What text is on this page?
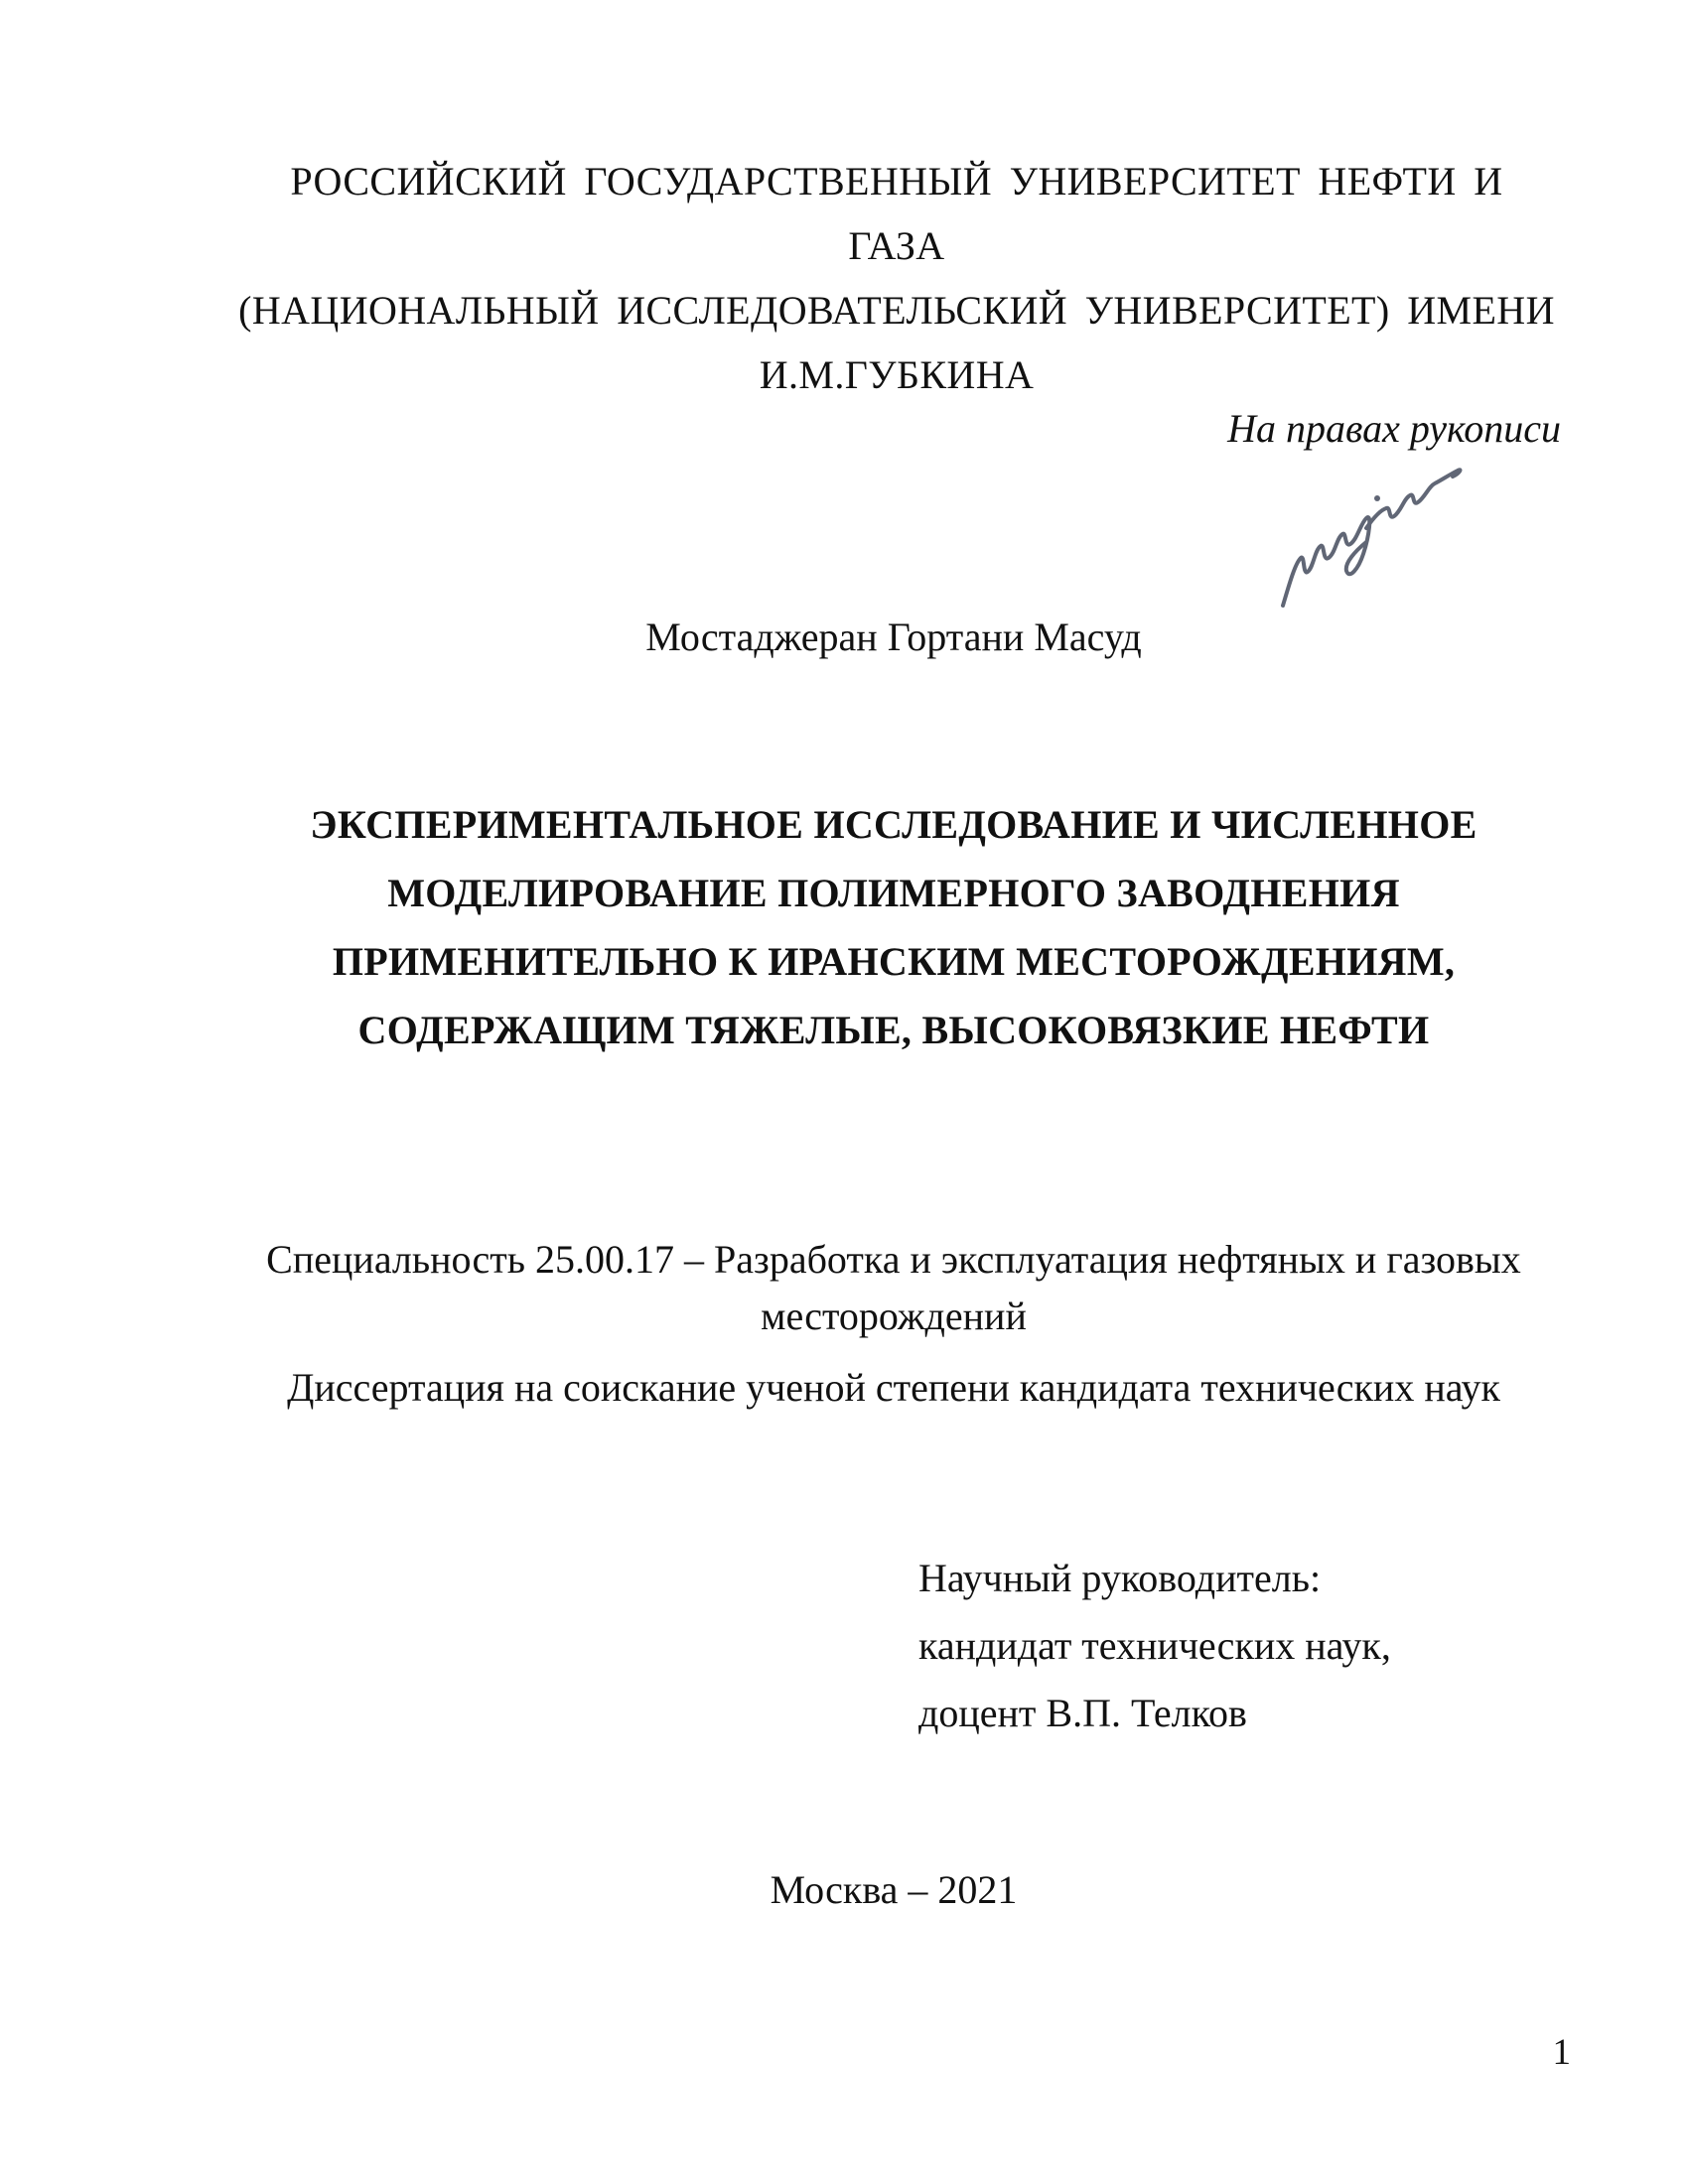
РОССИЙСКИЙ ГОСУДАРСТВЕННЫЙ УНИВЕРСИТЕТ НЕФТИ И ГАЗА
(НАЦИОНАЛЬНЫЙ ИССЛЕДОВАТЕЛЬСКИЙ УНИВЕРСИТЕТ) ИМЕНИ
И.М.ГУБКИНА
На правах рукописи
Мостаджеран Гортани Масуд
ЭКСПЕРИМЕНТАЛЬНОЕ ИССЛЕДОВАНИЕ И ЧИСЛЕННОЕ
МОДЕЛИРОВАНИЕ ПОЛИМЕРНОГО ЗАВОДНЕНИЯ
ПРИМЕНИТЕЛЬНО К ИРАНСКИМ МЕСТОРОЖДЕНИЯМ,
СОДЕРЖАЩИМ ТЯЖЕЛЫЕ, ВЫСОКОВЯЗКИЕ НЕФТИ
Специальность 25.00.17 – Разработка и эксплуатация нефтяных и газовых
месторождений
Диссертация на соискание ученой степени кандидата технических наук
Научный руководитель:
кандидат технических наук,
доцент В.П. Телков
Москва – 2021
1
